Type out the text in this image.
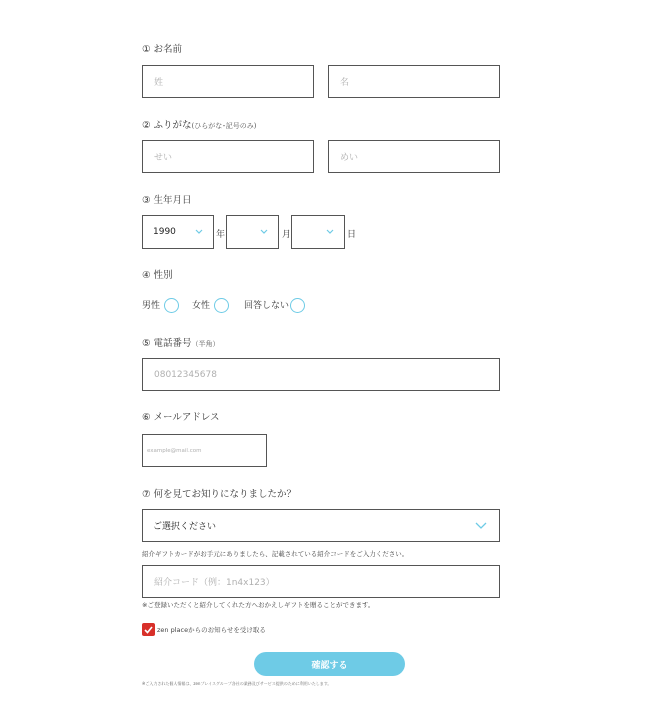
① お名前
姓	名
② ふりがな(ひらがな･記号のみ)
せい	めい
③ 生年月日
1990	年	月	日
④ 性別
男性	女性	回答しない
⑤ 電話番号（半角）
08012345678
⑥ メールアドレス
example@mail.com
⑦ 何を見てお知りになりましたか？
ご選択ください
紹介ギフトカードがお手元にありましたら、記載されている紹介コードをご入力ください。
紹介コード（例：1n4x123）
※ご登録いただくと紹介してくれた方へおかえしギフトを贈ることができます。
zen placeからのお知らせを受け取る
確認する
※ご入力された個人情報は、zenプレイスグループ各社の業務及びサービス提供のために利用いたします。
